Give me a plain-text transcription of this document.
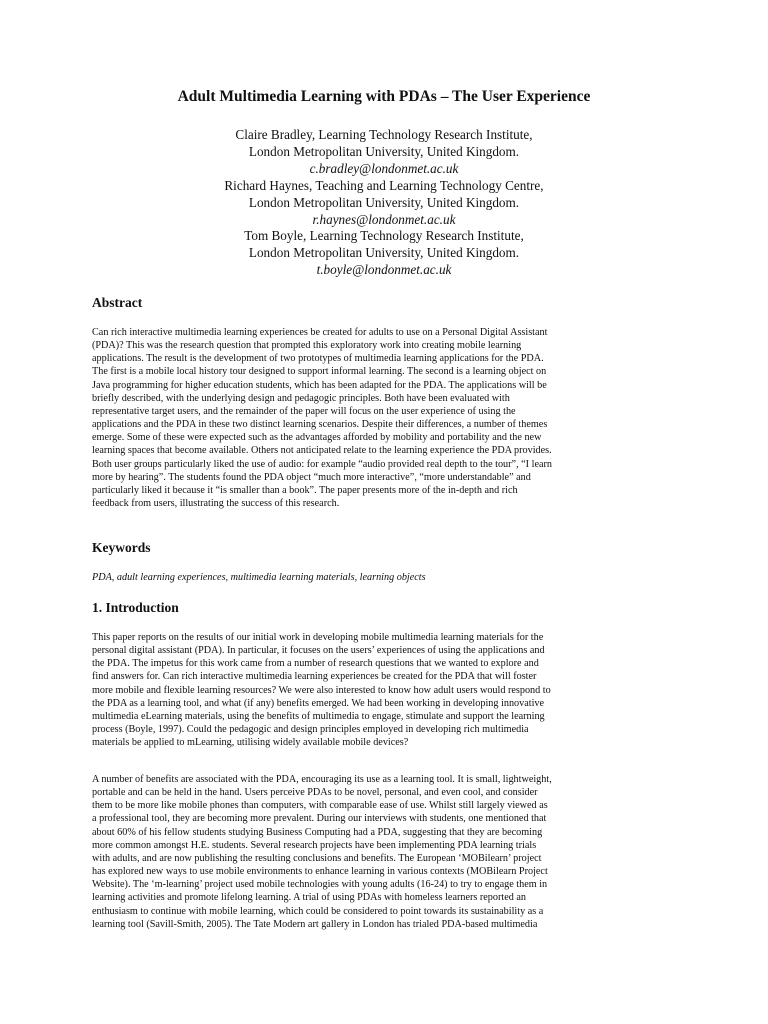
Adult Multimedia Learning with PDAs – The User Experience
Claire Bradley, Learning Technology Research Institute,
London Metropolitan University, United Kingdom.
c.bradley@londonmet.ac.uk
Richard Haynes, Teaching and Learning Technology Centre,
London Metropolitan University, United Kingdom.
r.haynes@londonmet.ac.uk
Tom Boyle, Learning Technology Research Institute,
London Metropolitan University, United Kingdom.
t.boyle@londonmet.ac.uk
Abstract
Can rich interactive multimedia learning experiences be created for adults to use on a Personal Digital Assistant
(PDA)? This was the research question that prompted this exploratory work into creating mobile learning
applications. The result is the development of two prototypes of multimedia learning applications for the PDA.
The first is a mobile local history tour designed to support informal learning. The second is a learning object on
Java programming for higher education students, which has been adapted for the PDA. The applications will be
briefly described, with the underlying design and pedagogic principles. Both have been evaluated with
representative target users, and the remainder of the paper will focus on the user experience of using the
applications and the PDA in these two distinct learning scenarios. Despite their differences, a number of themes
emerge. Some of these were expected such as the advantages afforded by mobility and portability and the new
learning spaces that become available. Others not anticipated relate to the learning experience the PDA provides.
Both user groups particularly liked the use of audio: for example “audio provided real depth to the tour”, “I learn
more by hearing”. The students found the PDA object “much more interactive”, “more understandable” and
particularly liked it because it “is smaller than a book”. The paper presents more of the in-depth and rich
feedback from users, illustrating the success of this research.
Keywords

PDA, adult learning experiences, multimedia learning materials, learning objects

1. Introduction
This paper reports on the results of our initial work in developing mobile multimedia learning materials for the
personal digital assistant (PDA). In particular, it focuses on the users’ experiences of using the applications and
the PDA. The impetus for this work came from a number of research questions that we wanted to explore and
find answers for. Can rich interactive multimedia learning experiences be created for the PDA that will foster
more mobile and flexible learning resources? We were also interested to know how adult users would respond to
the PDA as a learning tool, and what (if any) benefits emerged. We had been working in developing innovative
multimedia eLearning materials, using the benefits of multimedia to engage, stimulate and support the learning
process (Boyle, 1997). Could the pedagogic and design principles employed in developing rich multimedia
materials be applied to mLearning, utilising widely available mobile devices?
A number of benefits are associated with the PDA, encouraging its use as a learning tool. It is small, lightweight,
portable and can be held in the hand. Users perceive PDAs to be novel, personal, and even cool, and consider
them to be more like mobile phones than computers, with comparable ease of use. Whilst still largely viewed as
a professional tool, they are becoming more prevalent. During our interviews with students, one mentioned that
about 60% of his fellow students studying Business Computing had a PDA, suggesting that they are becoming
more common amongst H.E. students. Several research projects have been implementing PDA learning trials
with adults, and are now publishing the resulting conclusions and benefits. The European ‘MOBilearn’ project
has explored new ways to use mobile environments to enhance learning in various contexts (MOBilearn Project
Website). The ‘m-learning’ project used mobile technologies with young adults (16-24) to try to engage them in
learning activities and promote lifelong learning. A trial of using PDAs with homeless learners reported an
enthusiasm to continue with mobile learning, which could be considered to point towards its sustainability as a
learning tool (Savill-Smith, 2005). The Tate Modern art gallery in London has trialed PDA-based multimedia
